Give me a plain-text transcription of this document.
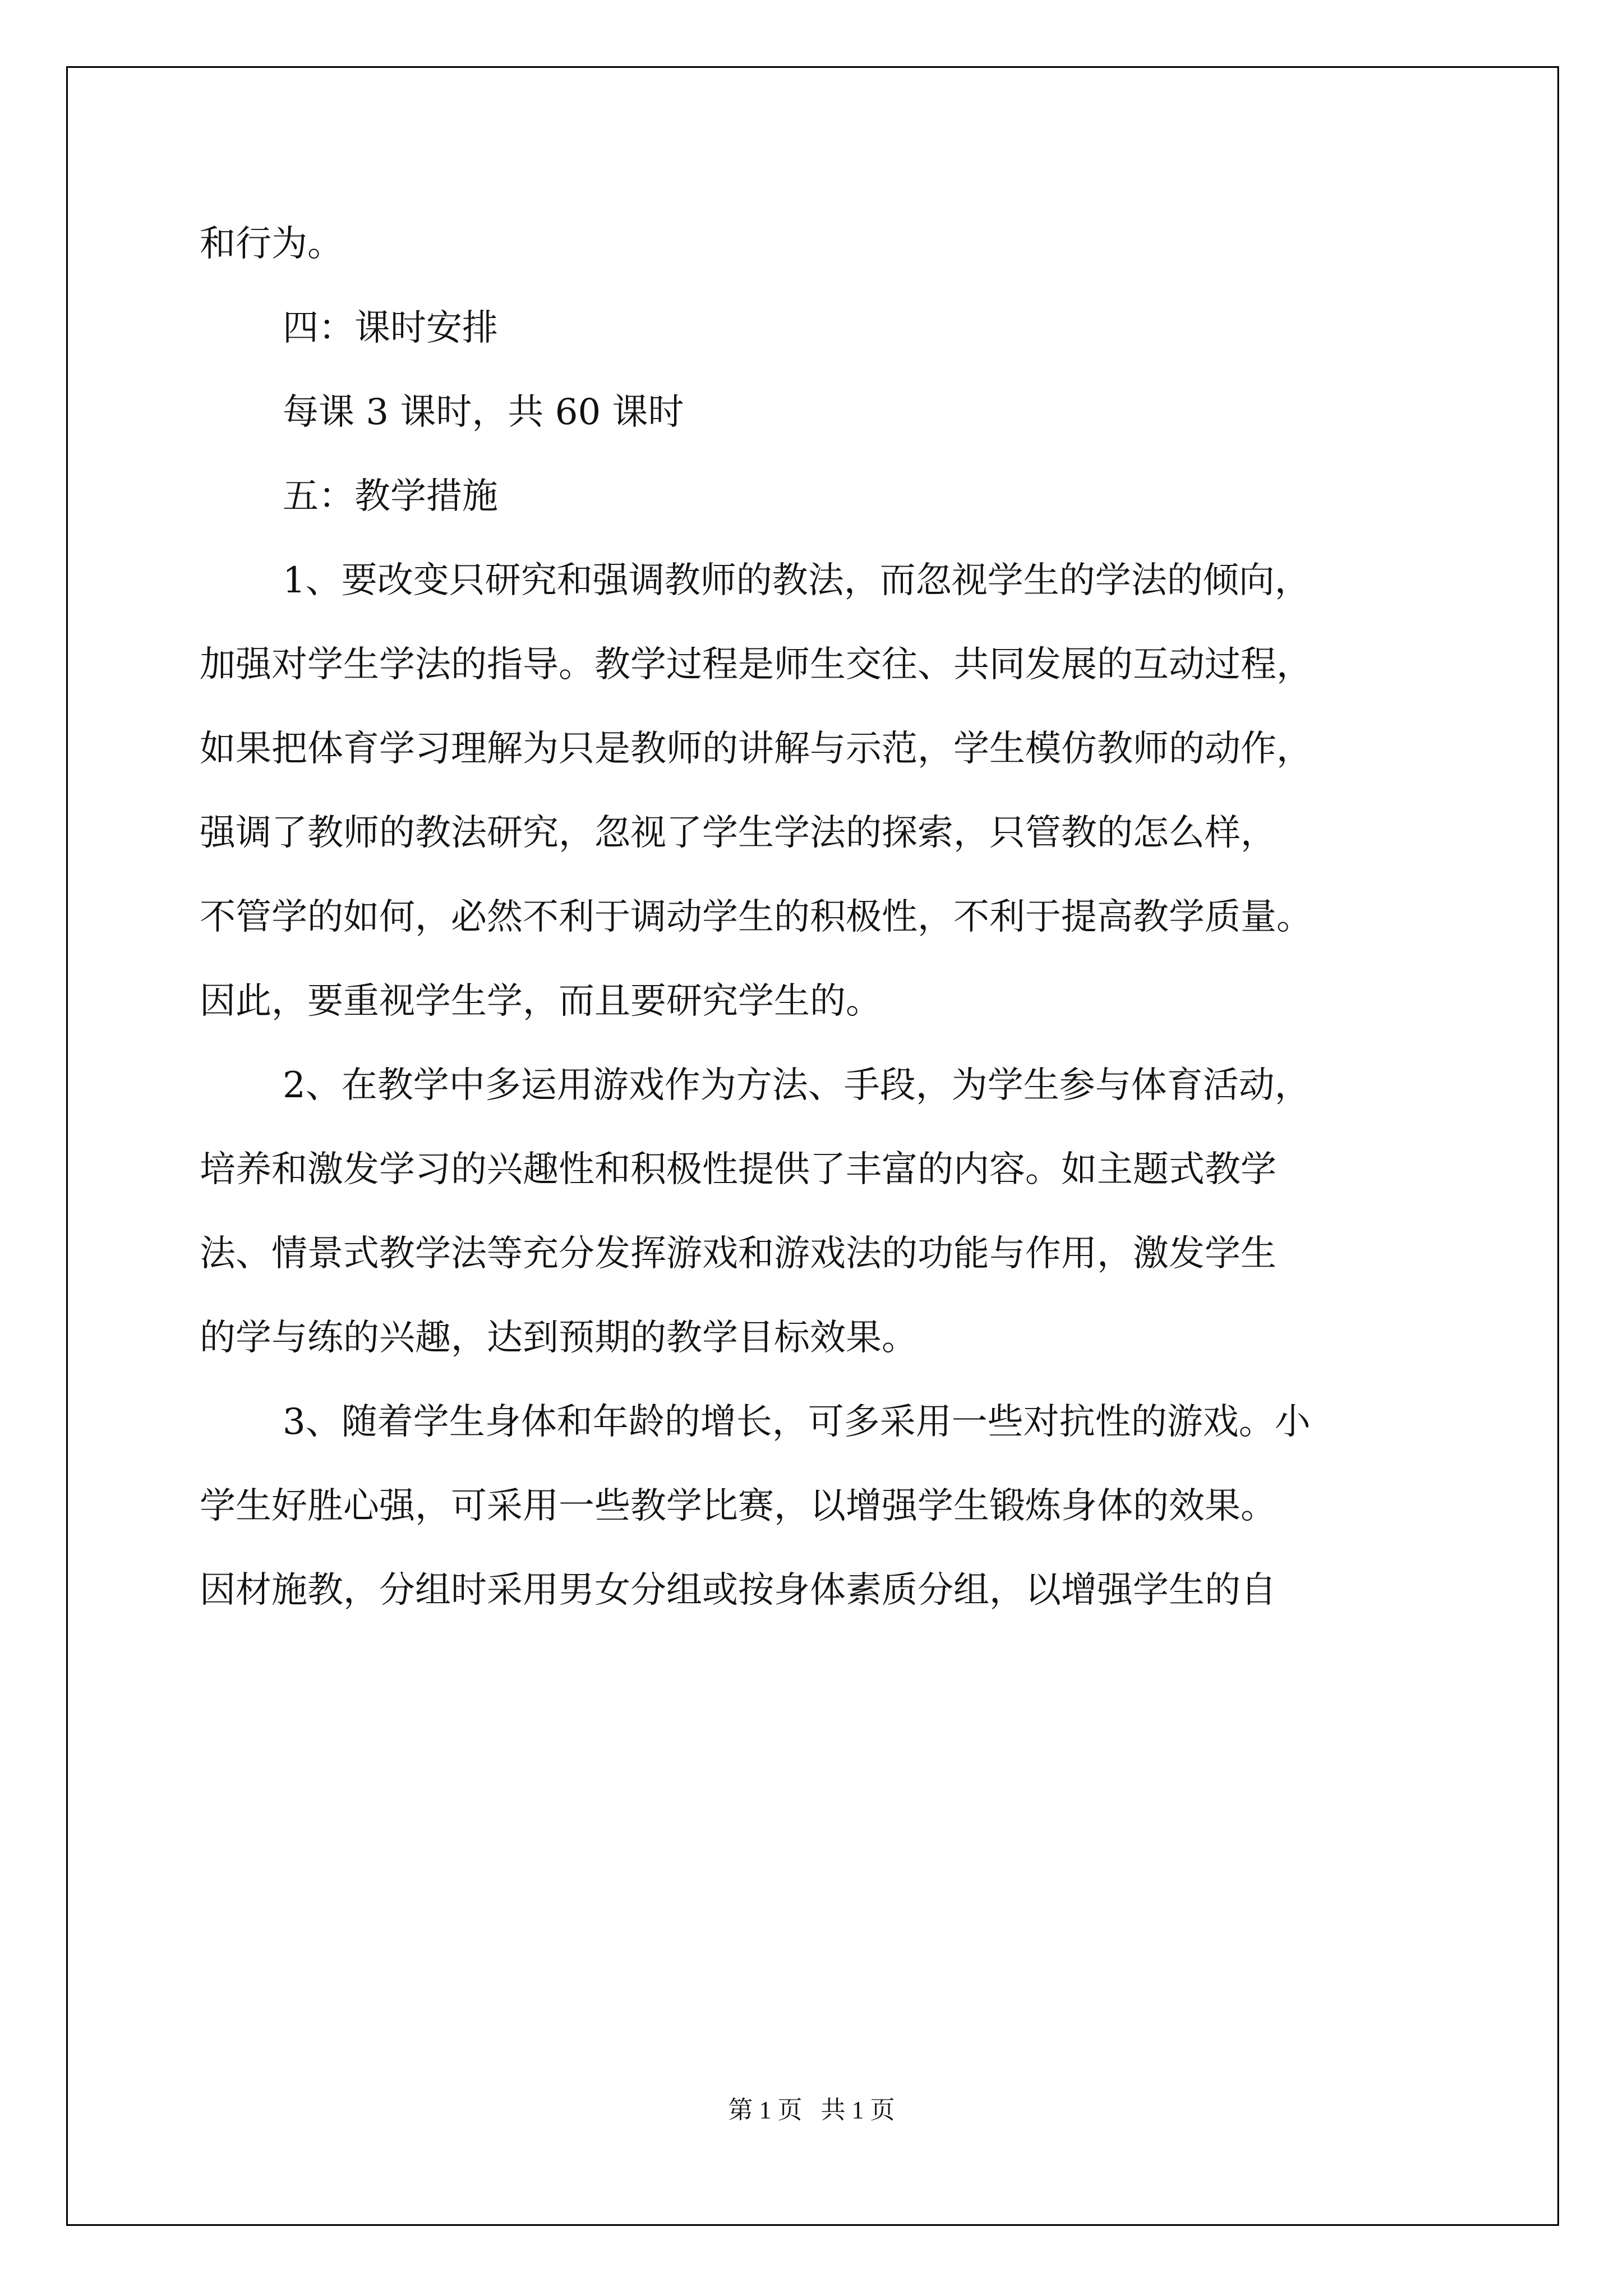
和行为。
四：课时安排
每课 3 课时，共 60 课时
五：教学措施
1、要改变只研究和强调教师的教法，而忽视学生的学法的倾向，
加强对学生学法的指导。教学过程是师生交往、共同发展的互动过程，
如果把体育学习理解为只是教师的讲解与示范，学生模仿教师的动作，
强调了教师的教法研究，忽视了学生学法的探索，只管教的怎么样，
不管学的如何，必然不利于调动学生的积极性，不利于提高教学质量。
因此，要重视学生学，而且要研究学生的。
2、在教学中多运用游戏作为方法、手段，为学生参与体育活动，
培养和激发学习的兴趣性和积极性提供了丰富的内容。如主题式教学
法、情景式教学法等充分发挥游戏和游戏法的功能与作用，激发学生
的学与练的兴趣，达到预期的教学目标效果。
3、随着学生身体和年龄的增长，可多采用一些对抗性的游戏。小
学生好胜心强，可采用一些教学比赛，以增强学生锻炼身体的效果。
因材施教，分组时采用男女分组或按身体素质分组，以增强学生的自
第 1 页   共 1 页
